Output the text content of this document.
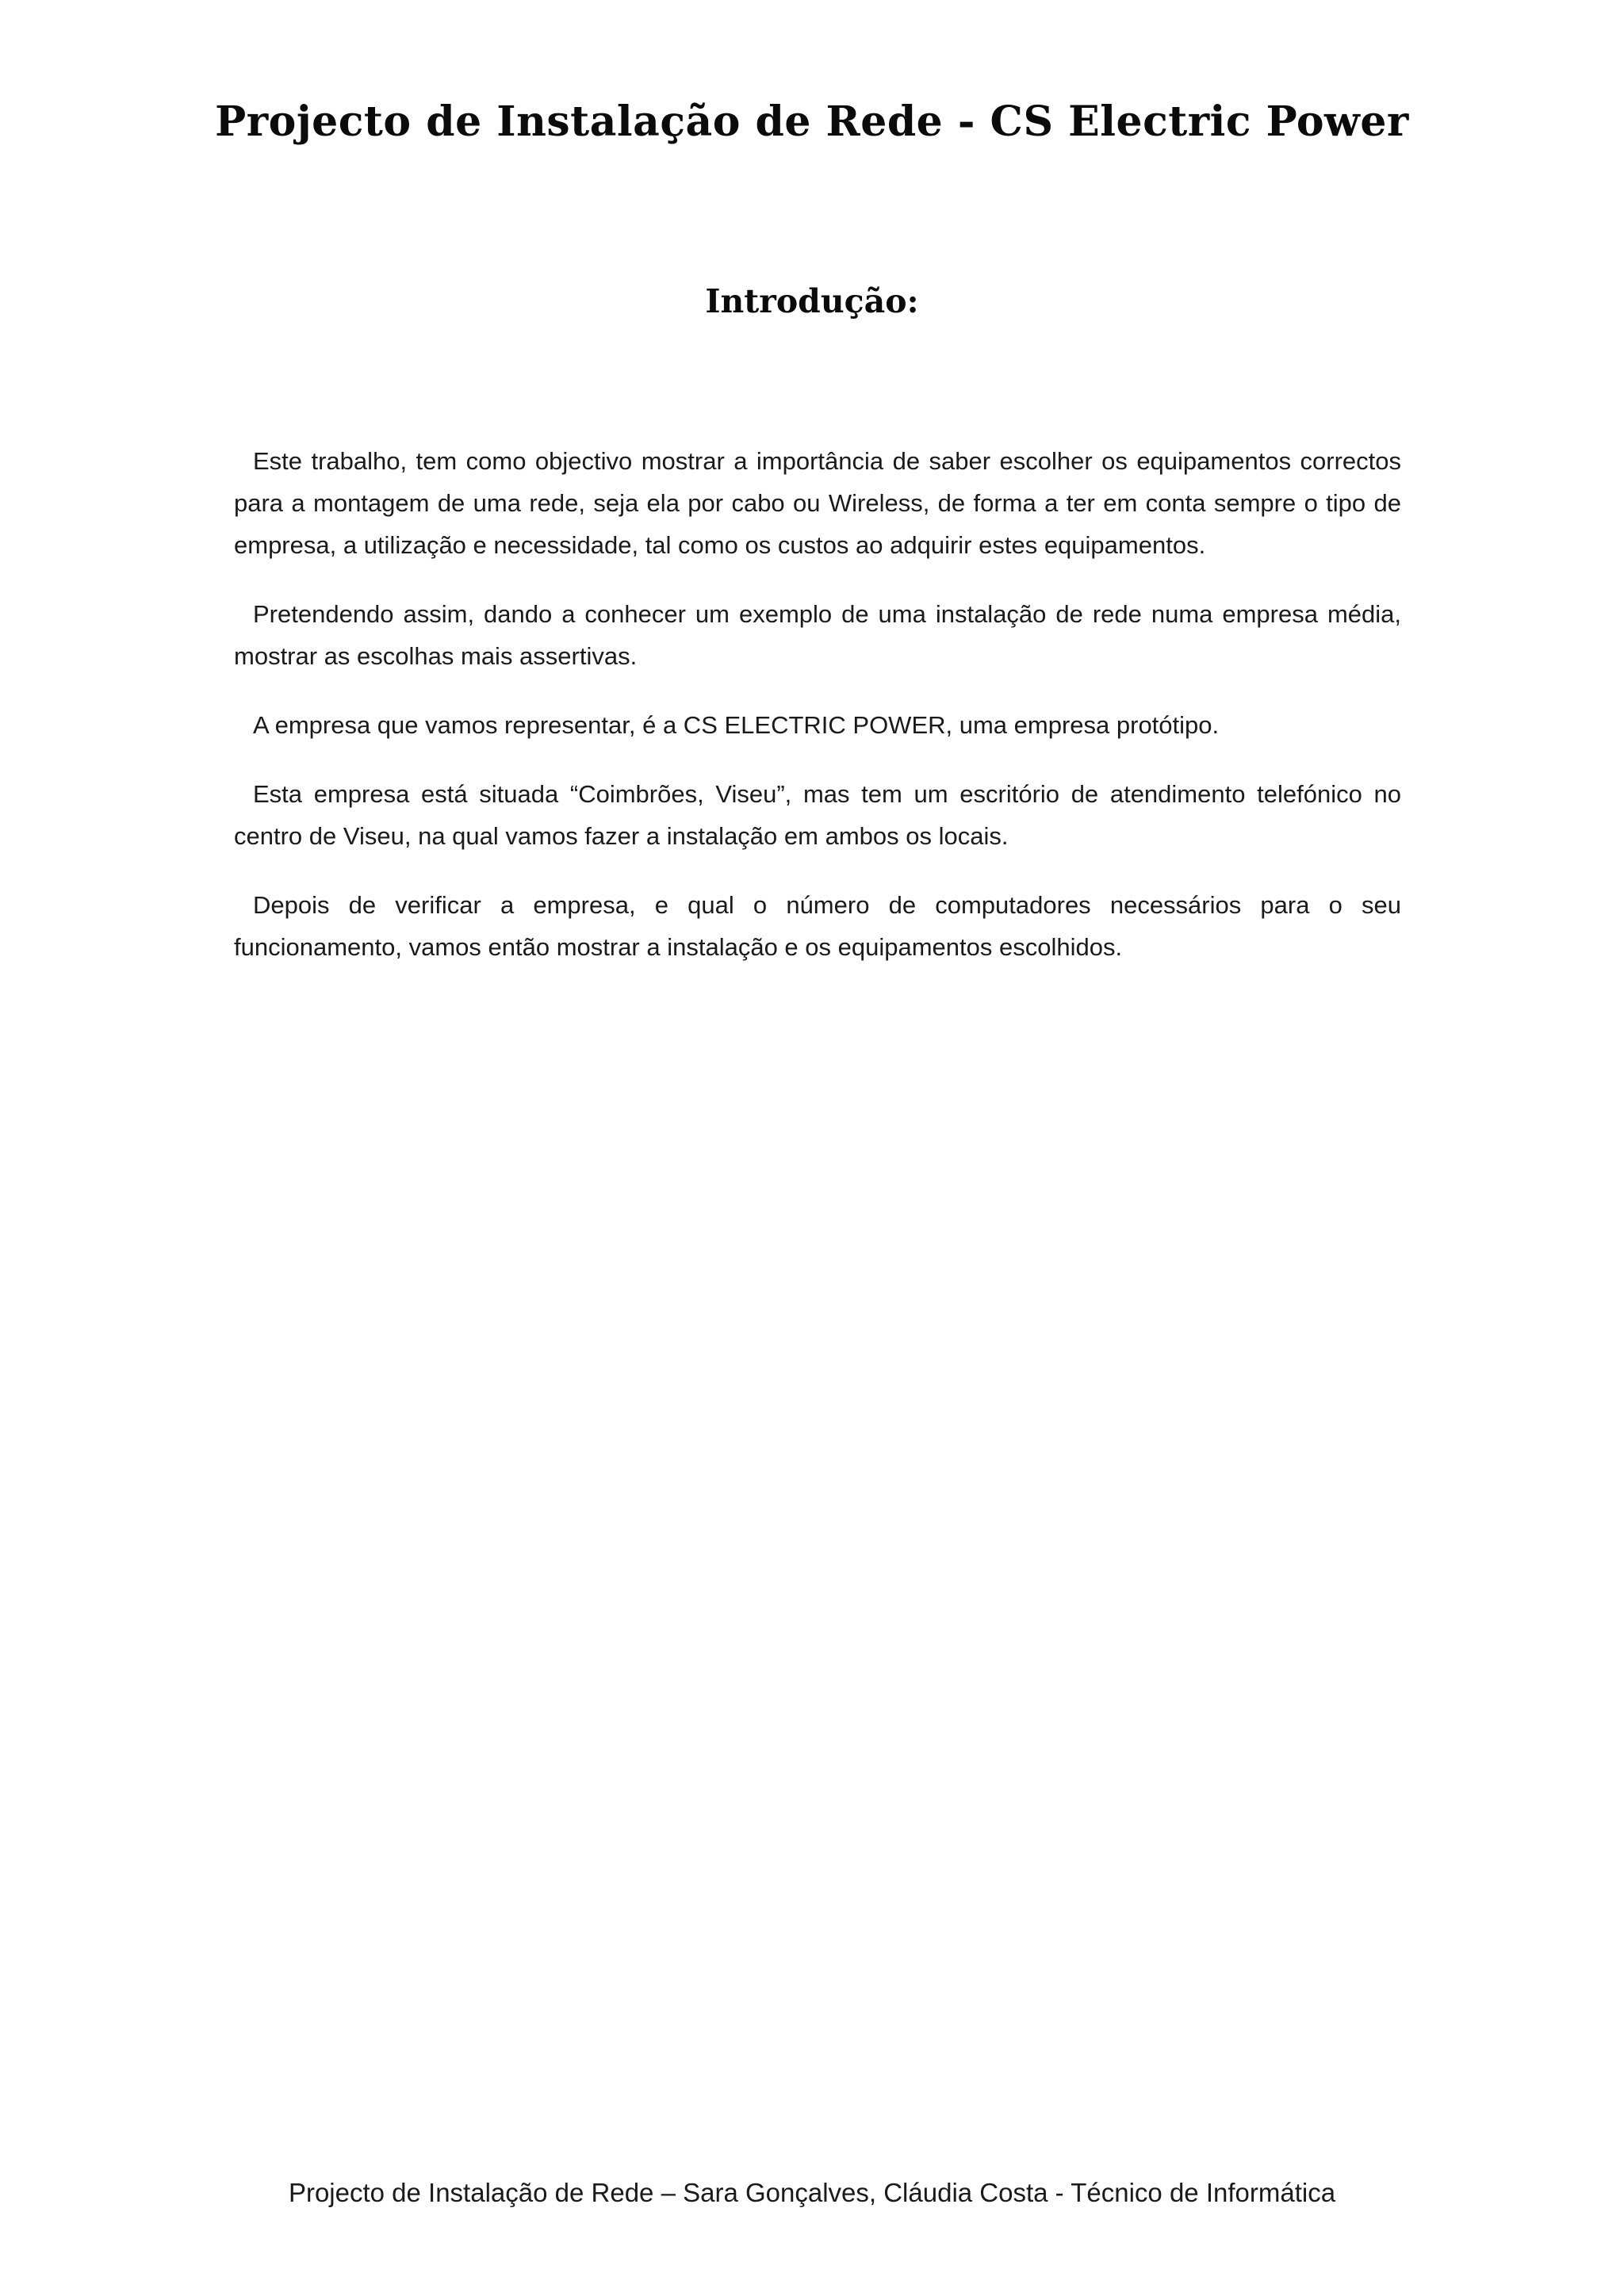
Projecto de Instalação de Rede - CS Electric Power
Introdução:

Este trabalho, tem como objectivo mostrar a importância de saber escolher os equipamentos correctos para a montagem de uma rede, seja ela por cabo ou Wireless, de forma a ter em conta sempre o tipo de empresa, a utilização e necessidade, tal como os custos ao adquirir estes equipamentos.

Pretendendo assim, dando a conhecer um exemplo de uma instalação de rede numa empresa média, mostrar as escolhas mais assertivas.

A empresa que vamos representar, é a CS ELECTRIC POWER, uma empresa protótipo.

Esta empresa está situada “Coimbrões, Viseu”, mas tem um escritório de atendimento telefónico no centro de Viseu, na qual vamos fazer a instalação em ambos os locais.

Depois de verificar a empresa, e qual o número de computadores necessários para o seu funcionamento, vamos então mostrar a instalação e os equipamentos escolhidos.

Projecto de Instalação de Rede – Sara Gonçalves, Cláudia Costa - Técnico de Informática
